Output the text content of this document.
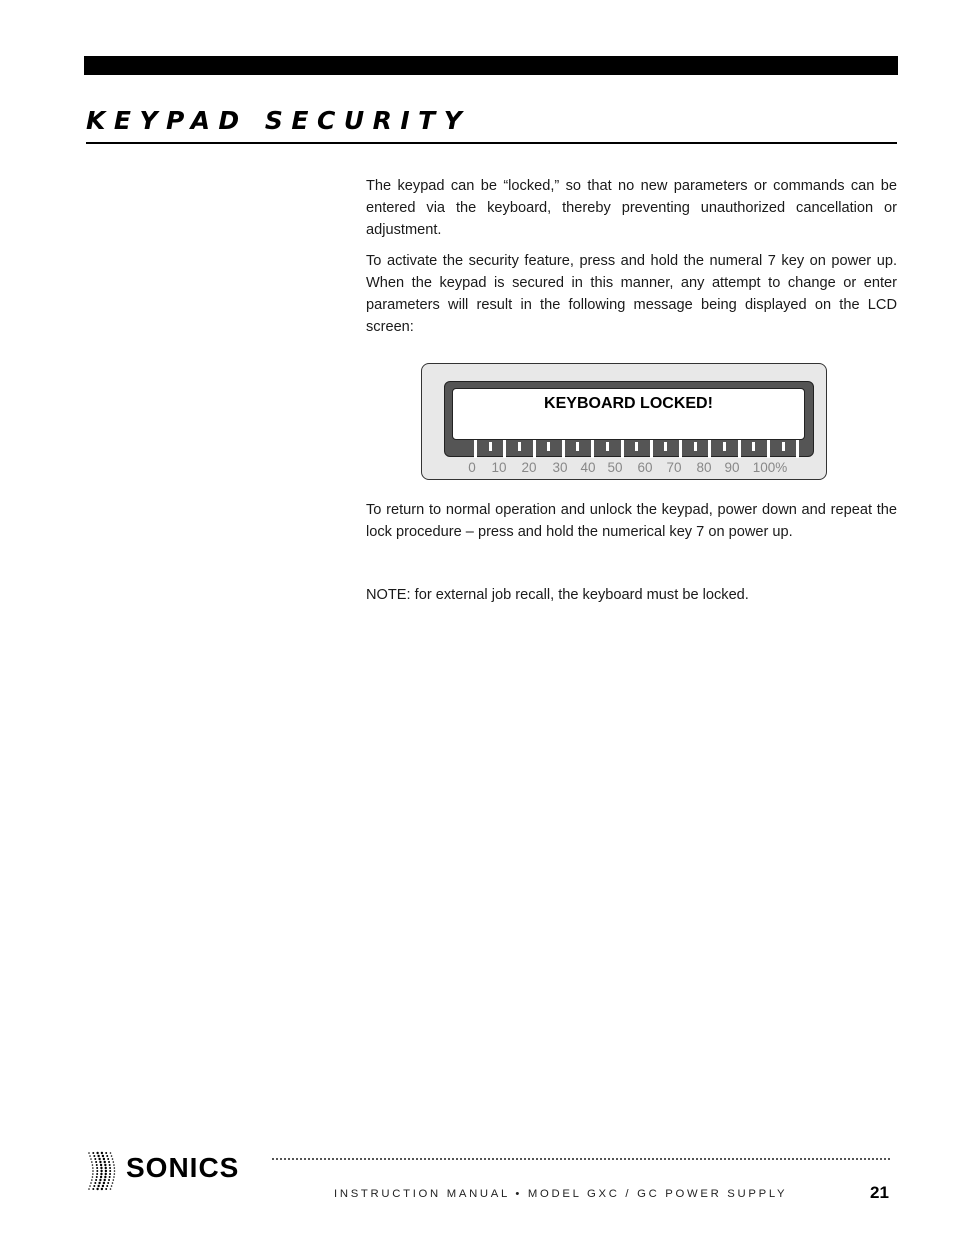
KEYPAD SECURITY

The keypad can be “locked,” so that no new parameters or commands can be entered via the keyboard, thereby preventing unauthorized cancellation or adjustment.

To activate the security feature, press and hold the numeral 7 key on power up. When the keypad is secured in this manner, any attempt to change or enter parameters will result in the following message being displayed on the LCD screen:

KEYBOARD LOCKED!
0 10 20 30 40 50 60 70 80 90 100%

To return to normal operation and unlock the keypad, power down and repeat the lock procedure – press and hold the numerical key 7 on power up.

NOTE: for external job recall, the keyboard must be locked.

SONICS
INSTRUCTION MANUAL • MODEL GXC / GC POWER SUPPLY	21
